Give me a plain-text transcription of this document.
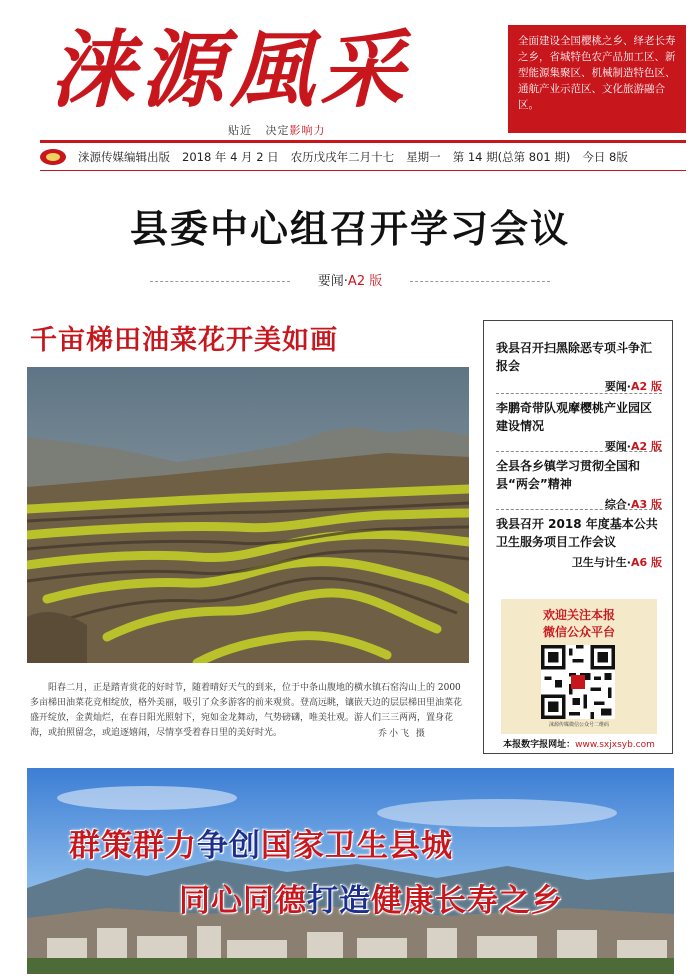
涞源風采
贴近 决定影响力
全面建设全国樱桃之乡、绎老长寿之乡，省城特色农产品加工区、新型能源集聚区、机械制造特色区、通航产业示范区、文化旅游融合区。
涞源传媒编辑出版 2018 年 4 月 2 日 农历戊戌年二月十七 星期一 第 14 期(总第 801 期) 今日 8版
县委中心组召开学习会议
要闻·A2 版
千亩梯田油菜花开美如画
阳春二月，正是踏青赏花的好时节，随着晴好天气的到来，位于中条山腹地的横水镇石窑沟山上的 2000 多亩梯田油菜花竞相绽放，格外美丽，吸引了众多游客的前来观赏。登高远眺，镶嵌天边的层层梯田里油菜花盛开绽放，金黄灿烂，在春日阳光照射下，宛如金龙舞动，气势磅礴，唯美壮观。游人们三三两两，置身花海，或拍照留念，或追逐嬉闹，尽情享受着春日里的美好时光。	乔小飞 摄
我县召开扫黑除恶专项斗争汇报会
要闻·A2 版
李鹏奇带队观摩樱桃产业园区建设情况
要闻·A2 版
全县各乡镇学习贯彻全国和县“两会”精神
综合·A3 版
我县召开 2018 年度基本公共卫生服务项目工作会议
卫生与计生·A6 版
欢迎关注本报
微信公众平台
涞源传媒微信公众号二维码
本报数字报网址：www.sxjxsyb.com
群策群力争创国家卫生县城
同心同德打造健康长寿之乡
